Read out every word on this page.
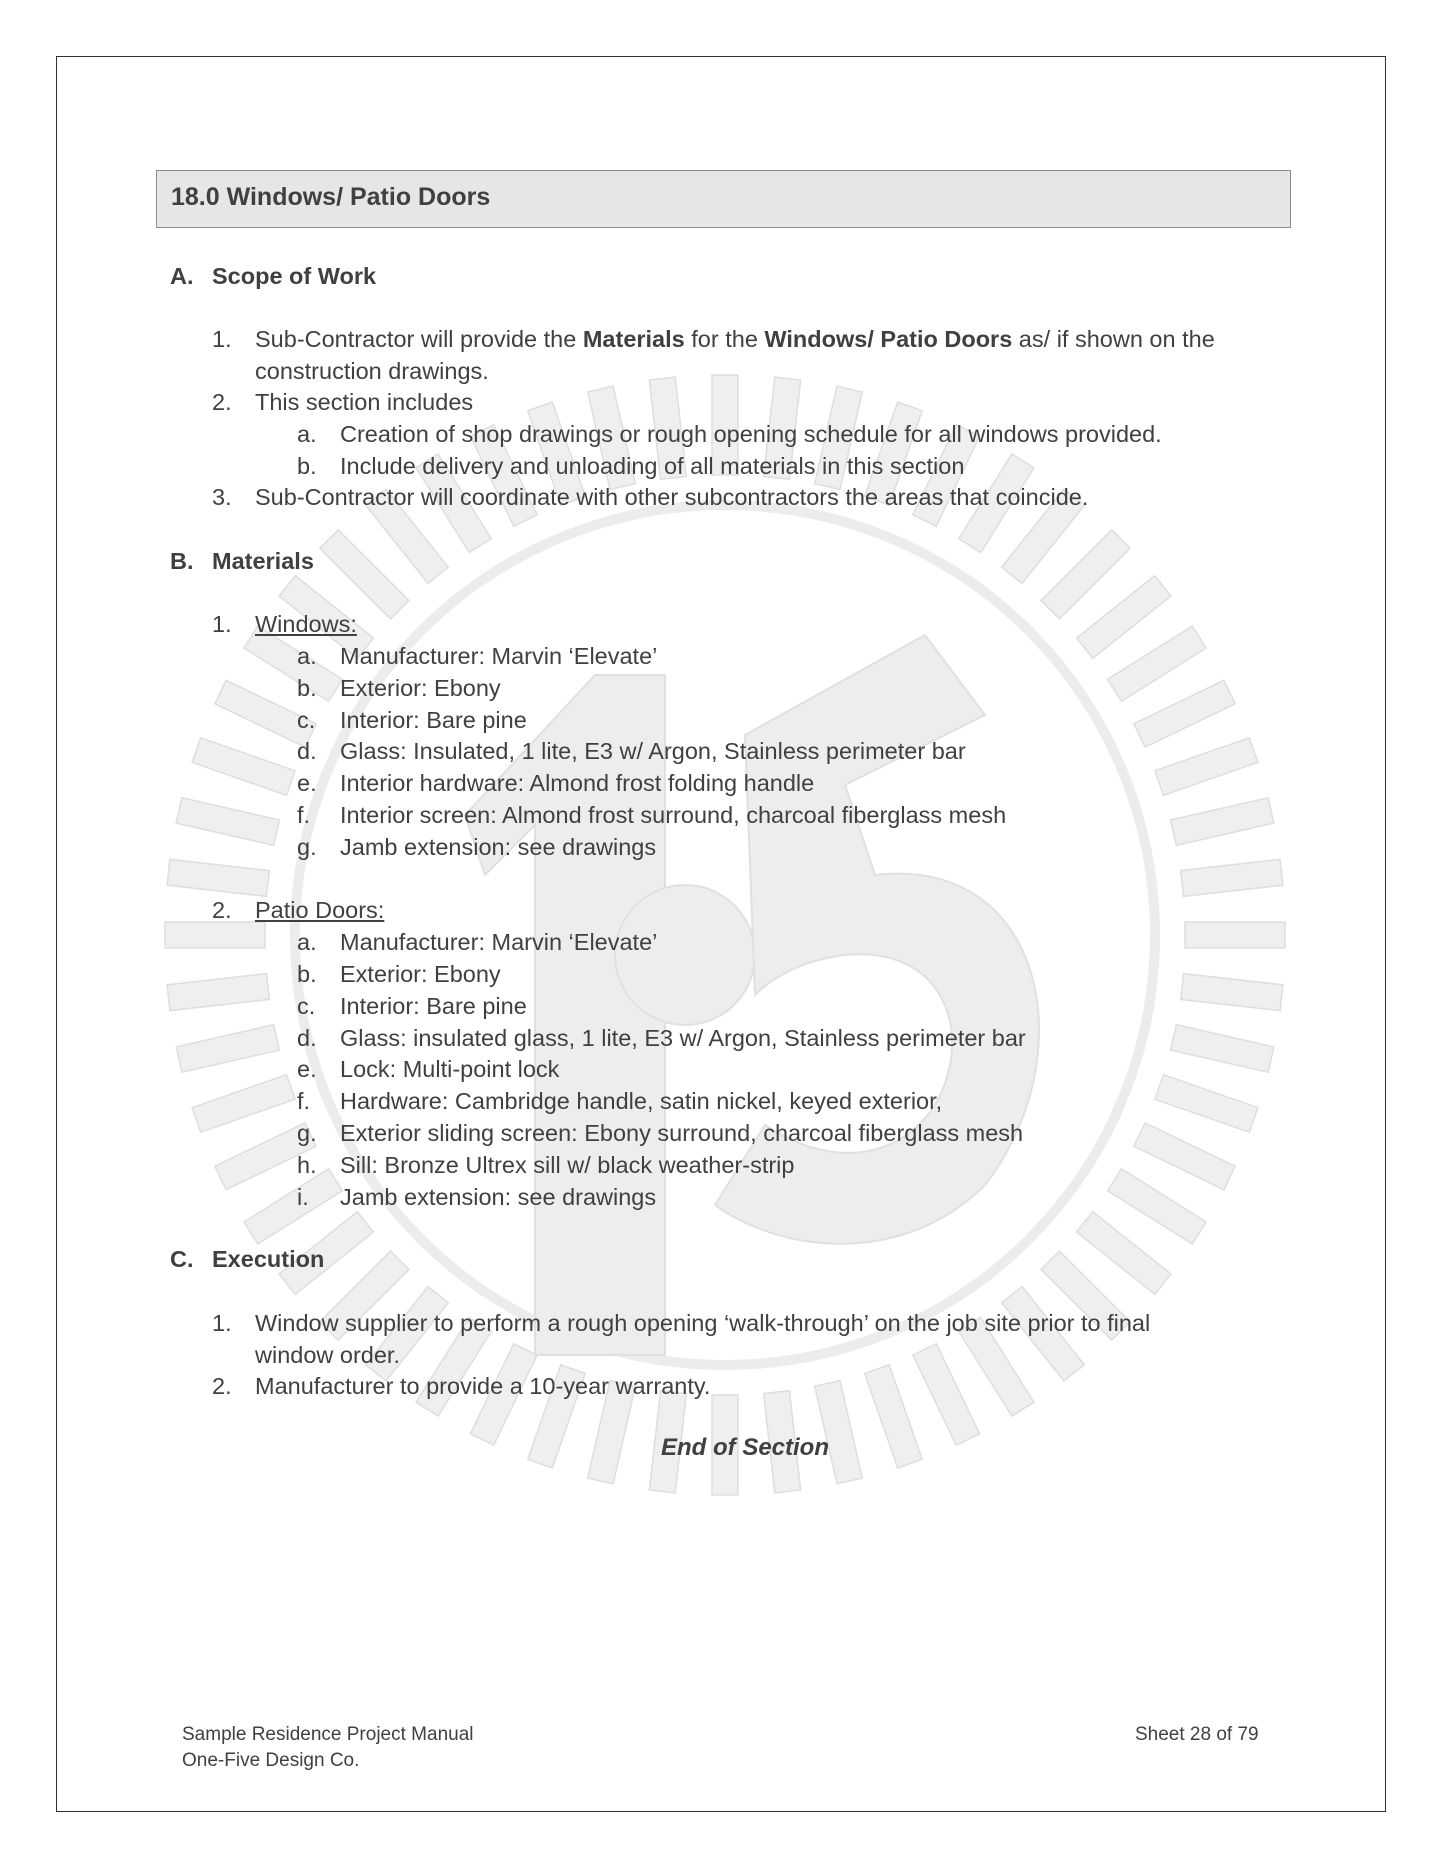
18.0 Windows/ Patio Doors
A. Scope of Work
1. Sub-Contractor will provide the Materials for the Windows/ Patio Doors as/ if shown on the
construction drawings.
2. This section includes
a. Creation of shop drawings or rough opening schedule for all windows provided.
b. Include delivery and unloading of all materials in this section
3. Sub-Contractor will coordinate with other subcontractors the areas that coincide.
B. Materials
1. Windows:
a. Manufacturer: Marvin ‘Elevate’
b. Exterior: Ebony
c. Interior: Bare pine
d. Glass: Insulated, 1 lite, E3 w/ Argon, Stainless perimeter bar
e. Interior hardware: Almond frost folding handle
f. Interior screen: Almond frost surround, charcoal fiberglass mesh
g. Jamb extension: see drawings
2. Patio Doors:
a. Manufacturer: Marvin ‘Elevate’
b. Exterior: Ebony
c. Interior: Bare pine
d. Glass: insulated glass, 1 lite, E3 w/ Argon, Stainless perimeter bar
e. Lock: Multi-point lock
f. Hardware: Cambridge handle, satin nickel, keyed exterior,
g. Exterior sliding screen: Ebony surround, charcoal fiberglass mesh
h. Sill: Bronze Ultrex sill w/ black weather-strip
i. Jamb extension: see drawings
C. Execution
1. Window supplier to perform a rough opening ‘walk-through’ on the job site prior to final
window order.
2. Manufacturer to provide a 10-year warranty.
End of Section
Sample Residence Project Manual
One-Five Design Co.
Sheet 28 of 79
